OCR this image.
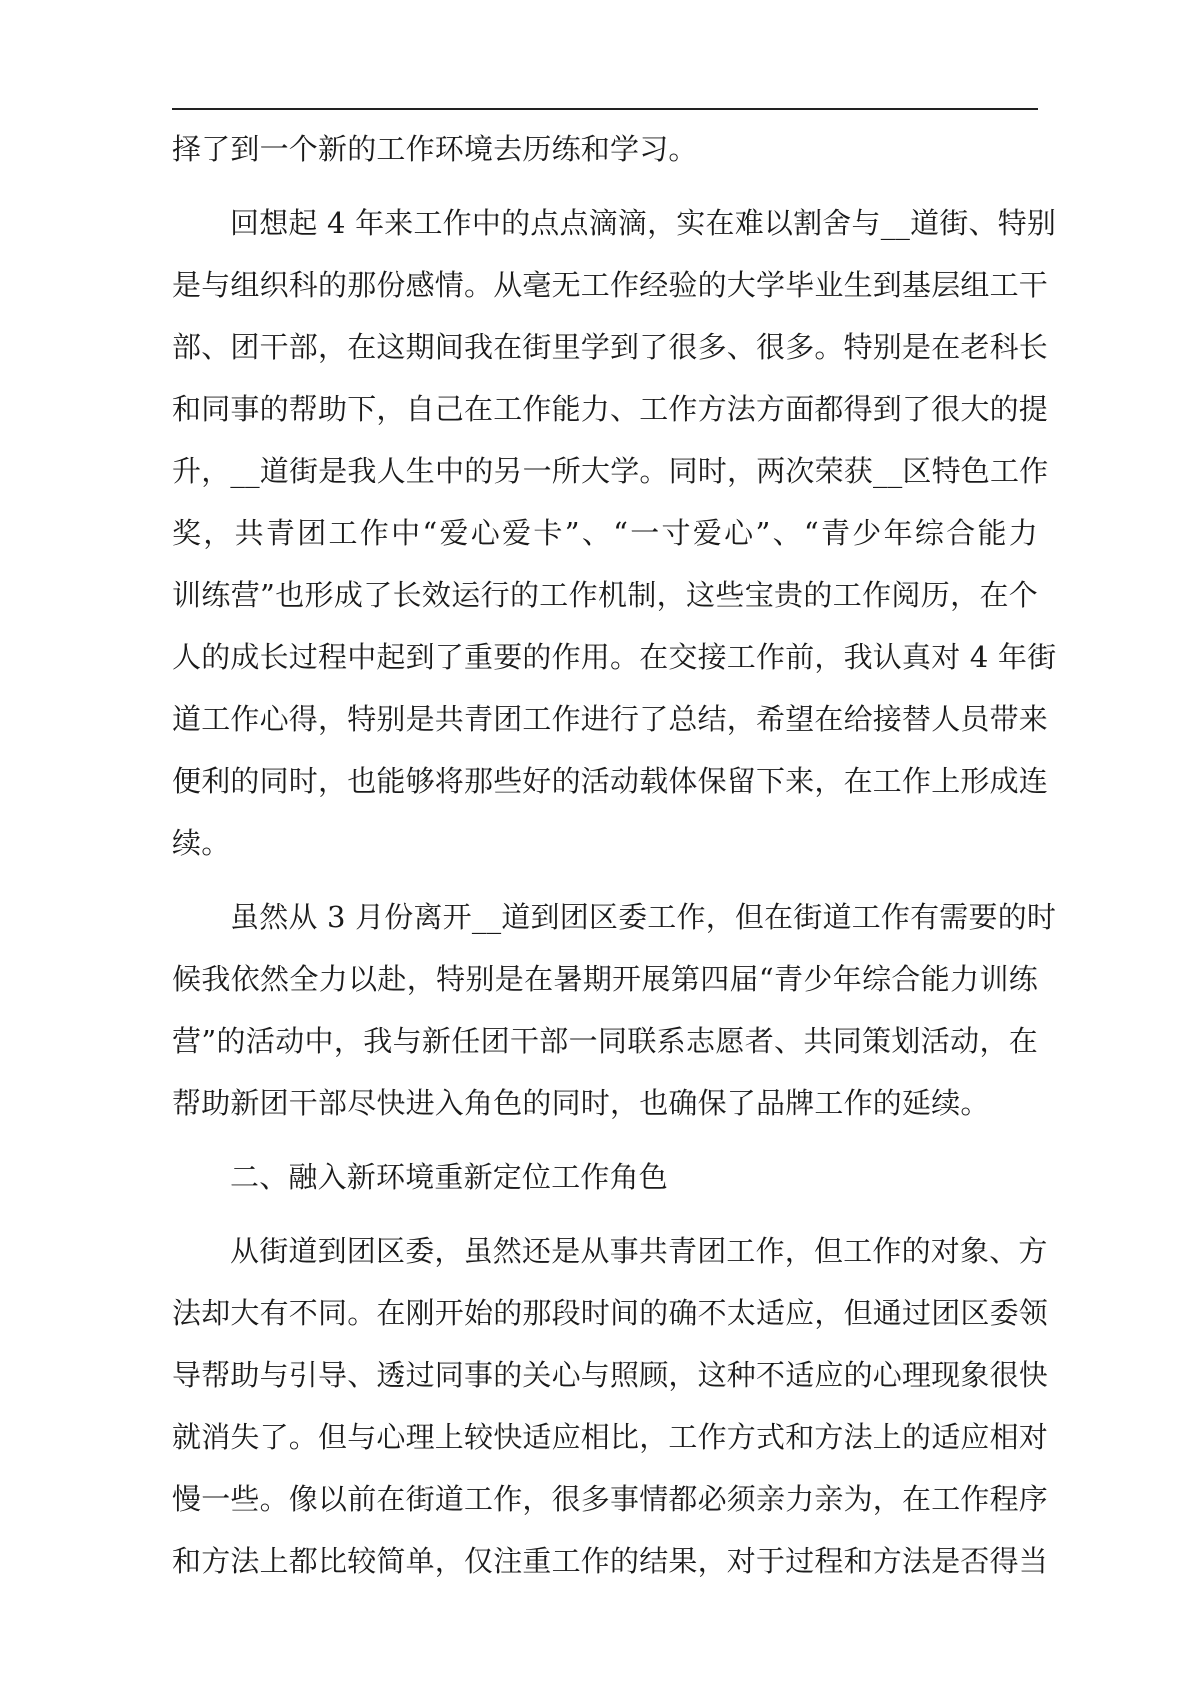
择了到一个新的工作环境去历练和学习。
回想起 4 年来工作中的点点滴滴，实在难以割舍与__道街、特别
是与组织科的那份感情。从毫无工作经验的大学毕业生到基层组工干
部、团干部，在这期间我在街里学到了很多、很多。特别是在老科长
和同事的帮助下，自己在工作能力、工作方法方面都得到了很大的提
升，__道街是我人生中的另一所大学。同时，两次荣获__区特色工作
奖，共青团工作中“爱心爱卡”、“一寸爱心”、“青少年综合能力
训练营”也形成了长效运行的工作机制，这些宝贵的工作阅历，在个
人的成长过程中起到了重要的作用。在交接工作前，我认真对 4 年街
道工作心得，特别是共青团工作进行了总结，希望在给接替人员带来
便利的同时，也能够将那些好的活动载体保留下来，在工作上形成连
续。
虽然从 3 月份离开__道到团区委工作，但在街道工作有需要的时
候我依然全力以赴，特别是在暑期开展第四届“青少年综合能力训练
营”的活动中，我与新任团干部一同联系志愿者、共同策划活动，在
帮助新团干部尽快进入角色的同时，也确保了品牌工作的延续。
二、融入新环境重新定位工作角色
从街道到团区委，虽然还是从事共青团工作，但工作的对象、方
法却大有不同。在刚开始的那段时间的确不太适应，但通过团区委领
导帮助与引导、透过同事的关心与照顾，这种不适应的心理现象很快
就消失了。但与心理上较快适应相比，工作方式和方法上的适应相对
慢一些。像以前在街道工作，很多事情都必须亲力亲为，在工作程序
和方法上都比较简单，仅注重工作的结果，对于过程和方法是否得当
